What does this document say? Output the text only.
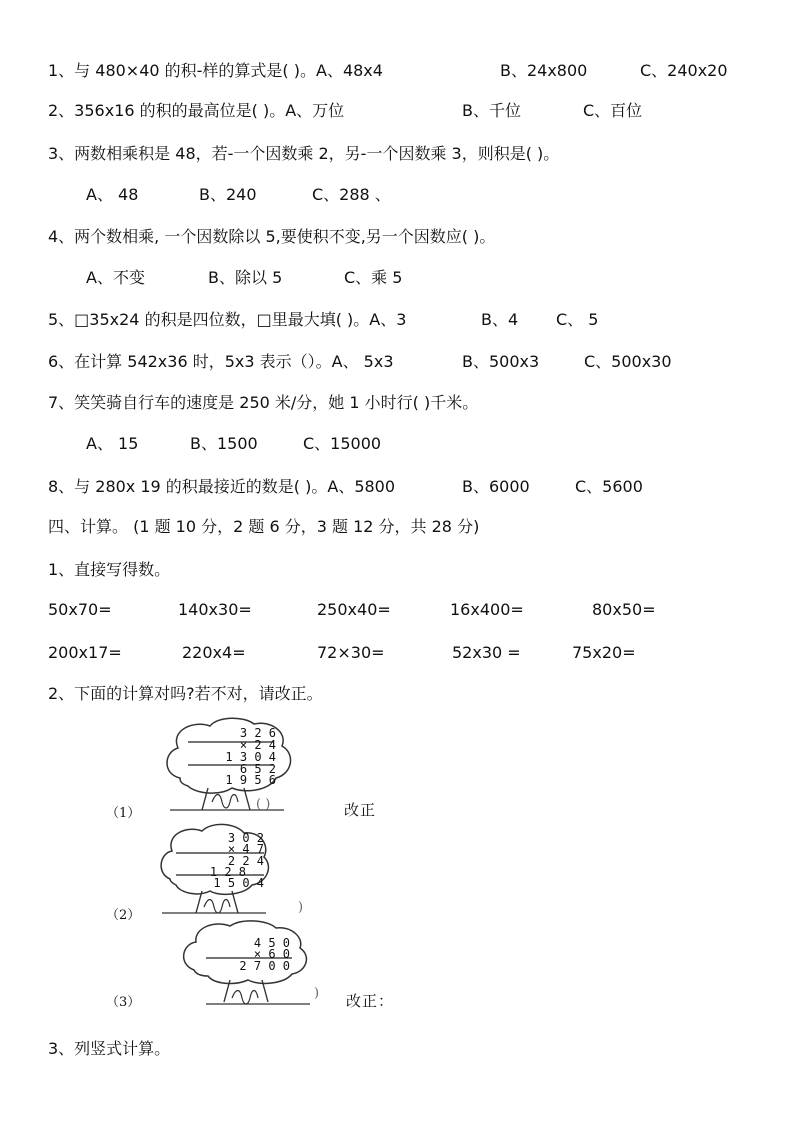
1、与 480×40 的积-样的算式是( )。A、48x4	B、24x800	C、240x20
2、356x16 的积的最高位是( )。A、万位	B、千位	C、百位
3、两数相乘积是 48，若-一个因数乘 2，另-一个因数乘 3，则积是( )。
A、 48	B、240	C、288 、
4、两个数相乘, 一个因数除以 5,要使积不变,另一个因数应( )。
A、不变	B、除以 5	C、乘 5
5、□35x24 的积是四位数，□里最大填( )。A、3	B、4 C、 5
6、在计算 542x36 时，5x3 表示（）。A、 5x3	B、500x3	C、500x30
7、笑笑骑自行车的速度是 250 米/分，她 1 小时行( )千米。
A、 15	B、1500	C、15000
8、与 280x 19 的积最接近的数是( )。A、5800	B、6000	C、5600
四、计算。 (1 题 10 分，2 题 6 分，3 题 12 分，共 28 分)
1、直接写得数。
50x70=	140x30=	250x40=	16x400=	80x50=
200x17=	220x4=	72×30=	52x30 =	75x20=
2、下面的计算对吗?若不对，请改正。
3 2 6
× 2 4
1 3 0 4
6 5 2
1 9 5 6
（1）
( )	改正
3 0 2
× 4 7
2 2 4
1 2 8
1 5 0 4
（2）
)
4 5 0
× 6 0
2 7 0 0
（3）
) 改正：
3、列竖式计算。
